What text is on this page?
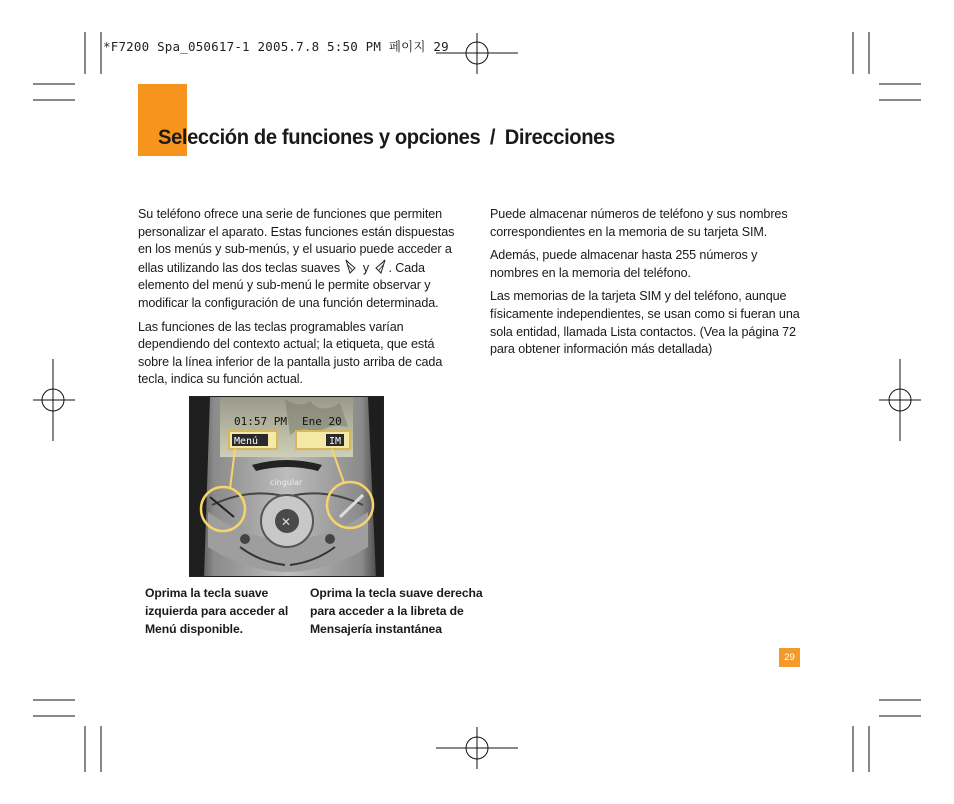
*F7200 Spa_050617-1 2005.7.8 5:50 PM 페이지 29
Selección de funciones y opciones / Direcciones

Su teléfono ofrece una serie de funciones que permiten personalizar el aparato. Estas funciones están dispuestas en los menús y sub-menús, y el usuario puede acceder a ellas utilizando las dos teclas suaves y . Cada elemento del menú y sub-menú le permite observar y modificar la configuración de una función determinada.

Las funciones de las teclas programables varían dependiendo del contexto actual; la etiqueta, que está sobre la línea inferior de la pantalla justo arriba de cada tecla, indica su función actual.

Puede almacenar números de teléfono y sus nombres correspondientes en la memoria de su tarjeta SIM.

Además, puede almacenar hasta 255 números y nombres en la memoria del teléfono.

Las memorias de la tarjeta SIM y del teléfono, aunque físicamente independientes, se usan como si fueran una sola entidad, llamada Lista contactos. (Vea la página 72 para obtener información más detallada)

01:57 PM Ene 20
Menú	IM
cingular
✕
Oprima la tecla suave izquierda para acceder al Menú disponible.
Oprima la tecla suave derecha para acceder a la libreta de Mensajería instantánea
29
